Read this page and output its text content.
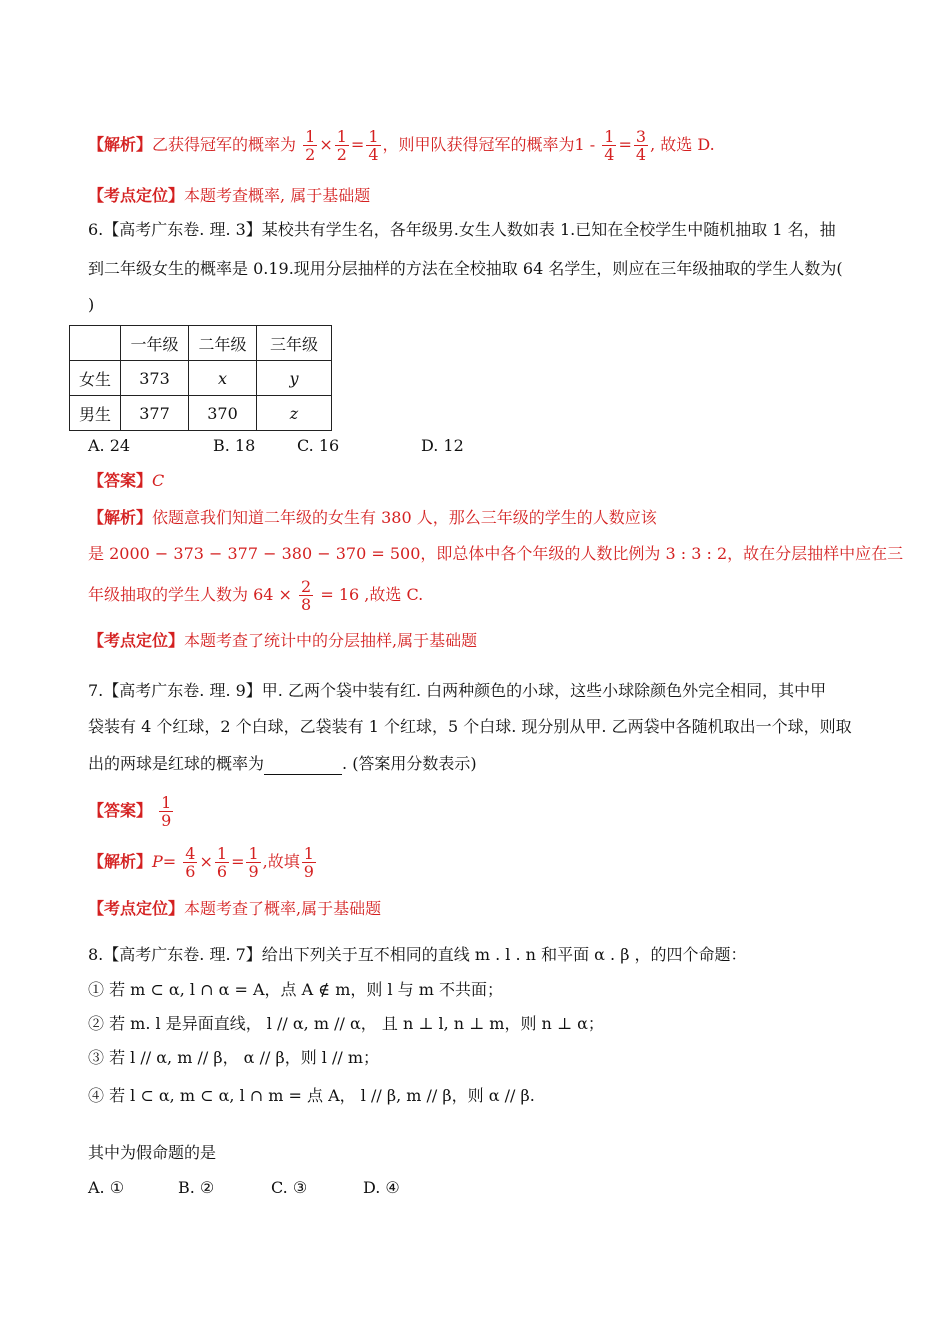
【解析】乙获得冠军的概率为 $\frac{1}{2} \times \frac{1}{2} = \frac{1}{4}$ ，则甲队获得冠军的概率为$1 - \frac{1}{4} = \frac{3}{4}$ , 故选 D.
【考点定位】本题考查概率, 属于基础题
6.【高考广东卷. 理. 3】某校共有学生名，各年级男.女生人数如表 1.已知在全校学生中随机抽取 1 名，抽
到二年级女生的概率是 0.19.现用分层抽样的方法在全校抽取 64 名学生，则应在三年级抽取的学生人数为(
)
	一年级	二年级	三年级
女生	373	x	y
男生	377	370	z
A. 24	B. 18	C. 16	D. 12
【答案】C
【解析】依题意我们知道二年级的女生有 380 人，那么三年级的学生的人数应该
是 2000 − 373 − 377 − 380 − 370 = 500，即总体中各个年级的人数比例为 3 : 3 : 2，故在分层抽样中应在三
年级抽取的学生人数为 $64 \times \frac{2}{8} = 16$ ,故选 C.
【考点定位】本题考查了统计中的分层抽样,属于基础题
7.【高考广东卷. 理. 9】甲. 乙两个袋中装有红. 白两种颜色的小球，这些小球除颜色外完全相同，其中甲
袋装有 4 个红球，2 个白球，乙袋装有 1 个红球，5 个白球. 现分别从甲. 乙两袋中各随机取出一个球，则取
出的两球是红球的概率为	. (答案用分数表示)
【答案】 $\frac{1}{9}$
【解析】$P= \frac{4}{6} \times \frac{1}{6} = \frac{1}{9}$ ,故填 $\frac{1}{9}$
【考点定位】本题考查了概率,属于基础题
8.【高考广东卷. 理. 7】给出下列关于互不相同的直线 m . l . n 和平面 α . β ，的四个命题：
① 若 m ⊂ α, l ∩ α = A，点 A ∉ m，则 l 与 m 不共面；
② 若 m. l 是异面直线， l // α, m // α， 且 n ⊥ l, n ⊥ m，则 n ⊥ α；
③ 若 l // α, m // β， α // β，则 l // m；
④ 若 l ⊂ α, m ⊂ α, l ∩ m = 点 A， l // β, m // β，则 α // β.
其中为假命题的是
A. ①	B. ②	C. ③	D. ④
